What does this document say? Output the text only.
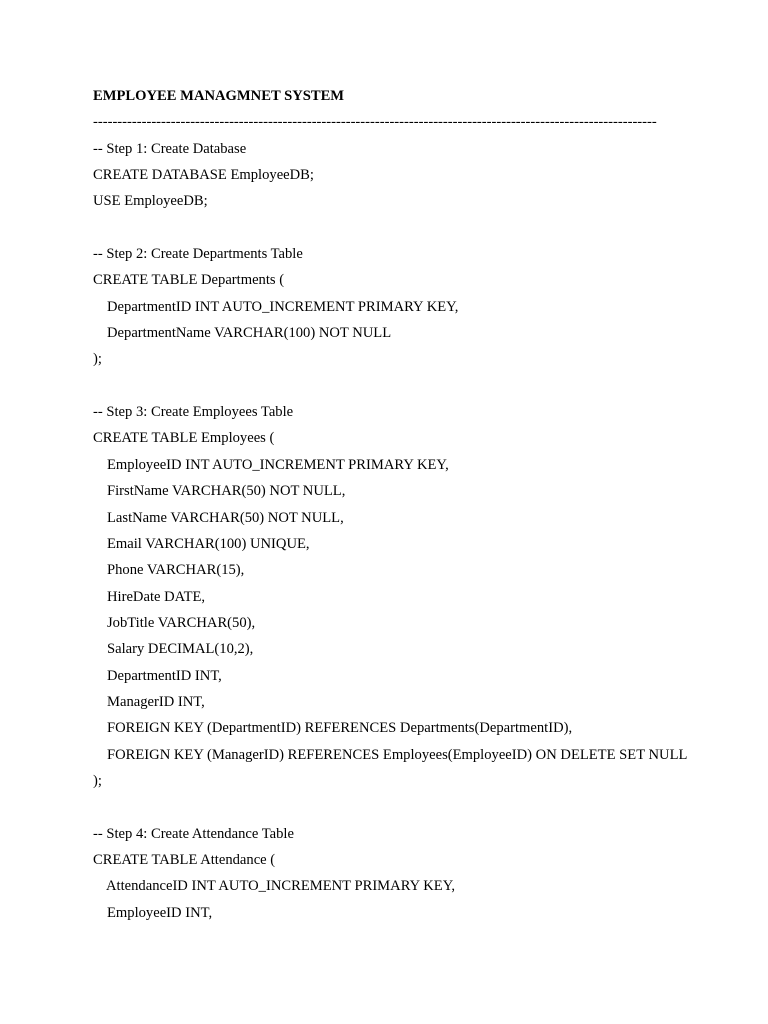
EMPLOYEE MANAGMNET SYSTEM
--------------------------------------------------------------------------------------------------------------------
-- Step 1: Create Database
CREATE DATABASE EmployeeDB;
USE EmployeeDB;
-- Step 2: Create Departments Table
CREATE TABLE Departments (
DepartmentID INT AUTO_INCREMENT PRIMARY KEY,
DepartmentName VARCHAR(100) NOT NULL
);
-- Step 3: Create Employees Table
CREATE TABLE Employees (
EmployeeID INT AUTO_INCREMENT PRIMARY KEY,
FirstName VARCHAR(50) NOT NULL,
LastName VARCHAR(50) NOT NULL,
Email VARCHAR(100) UNIQUE,
Phone VARCHAR(15),
HireDate DATE,
JobTitle VARCHAR(50),
Salary DECIMAL(10,2),
DepartmentID INT,
ManagerID INT,
FOREIGN KEY (DepartmentID) REFERENCES Departments(DepartmentID),
FOREIGN KEY (ManagerID) REFERENCES Employees(EmployeeID) ON DELETE SET NULL
);
-- Step 4: Create Attendance Table
CREATE TABLE Attendance (
AttendanceID INT AUTO_INCREMENT PRIMARY KEY,
EmployeeID INT,
